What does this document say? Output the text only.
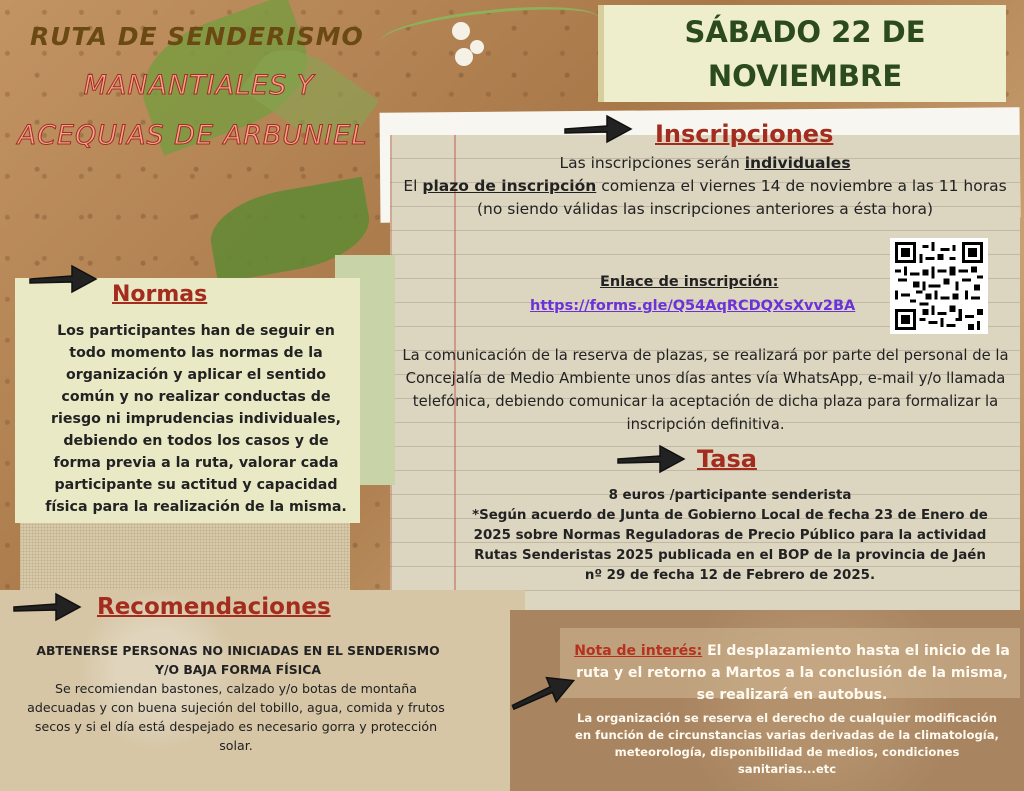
RUTA DE SENDERISMO
MANANTIALES Y
ACEQUIAS DE ARBUNIEL
SÁBADO 22 DE
NOVIEMBRE
Inscripciones
Las inscripciones serán individuales
El plazo de inscripción comienza el viernes 14 de noviembre a las 11 horas
(no siendo válidas las inscripciones anteriores a ésta hora)
Enlace de inscripción:
https://forms.gle/Q54AqRCDQXsXvv2BA
La comunicación de la reserva de plazas, se realizará por parte del personal de la Concejalía de Medio Ambiente unos días antes vía WhatsApp, e-mail y/o llamada telefónica, debiendo comunicar la aceptación de dicha plaza para formalizar la inscripción definitiva.
Tasa
8 euros /participante senderista
*Según acuerdo de Junta de Gobierno Local de fecha 23 de Enero de 2025 sobre Normas Reguladoras de Precio Público para la actividad Rutas Senderistas 2025 publicada en el BOP de la provincia de Jaén nº 29 de fecha 12 de Febrero de 2025.
Normas
Los participantes han de seguir en todo momento las normas de la organización y aplicar el sentido común y no realizar conductas de riesgo ni imprudencias individuales, debiendo en todos los casos y de forma previa a la ruta, valorar cada participante su actitud y capacidad física para la realización de la misma.
Recomendaciones
ABTENERSE PERSONAS NO INICIADAS EN EL SENDERISMO
Y/O BAJA FORMA FÍSICA
Se recomiendan bastones, calzado y/o botas de montaña adecuadas y con buena sujeción del tobillo, agua, comida y frutos secos y si el día está despejado es necesario gorra y protección solar.
Nota de interés: El desplazamiento hasta el inicio de la ruta y el retorno a Martos a la conclusión de la misma, se realizará en autobus.
La organización se reserva el derecho de cualquier modificación en función de circunstancias varias derivadas de la climatología, meteorología, disponibilidad de medios, condiciones sanitarias...etc
